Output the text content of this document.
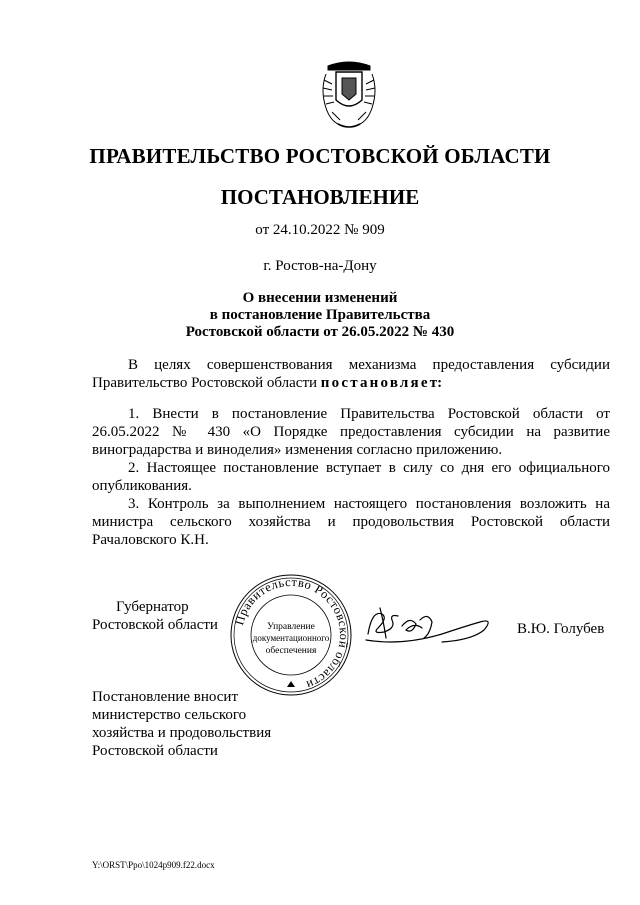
ПРАВИТЕЛЬСТВО РОСТОВСКОЙ ОБЛАСТИ
ПОСТАНОВЛЕНИЕ
от 24.10.2022 № 909
г. Ростов-на-Дону
О внесении изменений
в постановление Правительства
Ростовской области от 26.05.2022 № 430

В целях совершенствования механизма предоставления субсидии Правительство Ростовской области постановляет:

1. Внести в постановление Правительства Ростовской области от 26.05.2022 № 430 «О Порядке предоставления субсидии на развитие виноградарства и виноделия» изменения согласно приложению.

2. Настоящее постановление вступает в силу со дня его официального опубликования.

3. Контроль за выполнением настоящего постановления возложить на министра сельского хозяйства и продовольствия Ростовской области Рачаловского К.Н.

Губернатор
Ростовской области Правительство Ростовской области
Управление
документационного
обеспечения
В.Ю. Голубев
Постановление вносит
министерство сельского
хозяйства и продовольствия
Ростовской области
Y:\ORST\Ppo\1024p909.f22.docx
